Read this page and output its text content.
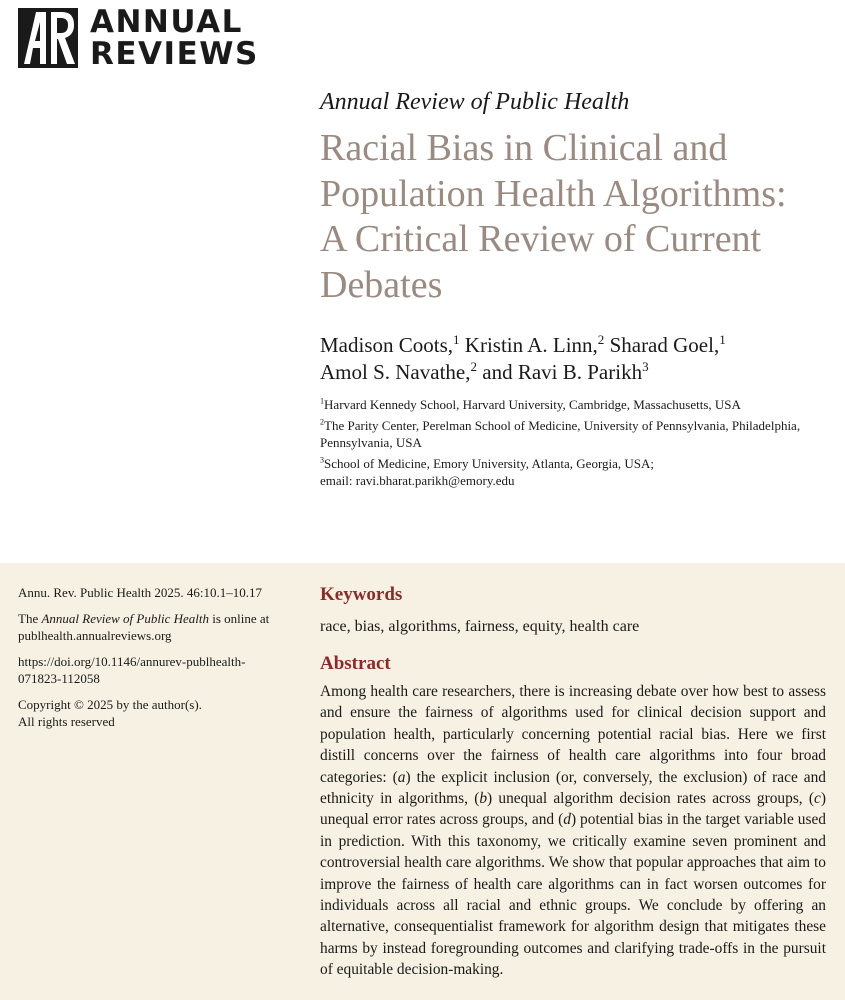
ANNUAL
REVIEWS
Annual Review of Public Health
Racial Bias in Clinical and
Population Health Algorithms:
A Critical Review of Current
Debates
Madison Coots,$^1$ Kristin A. Linn,$^2$ Sharad Goel,$^1$
Amol S. Navathe,$^2$ and Ravi B. Parikh$^3$
$^1$Harvard Kennedy School, Harvard University, Cambridge, Massachusetts, USA
$^2$The Parity Center, Perelman School of Medicine, University of Pennsylvania, Philadelphia, Pennsylvania, USA
$^3$School of Medicine, Emory University, Atlanta, Georgia, USA;
email: ravi.bharat.parikh@emory.edu

Annu. Rev. Public Health 2025. 46:10.1–10.17

The Annual Review of Public Health is online at
publhealth.annualreviews.org

https://doi.org/10.1146/annurev-publhealth-
071823-112058

Copyright © 2025 by the author(s).
All rights reserved

Keywords
race, bias, algorithms, fairness, equity, health care
Abstract
Among health care researchers, there is increasing debate over how best to assess and ensure the fairness of algorithms used for clinical decision support and population health, particularly concerning potential racial bias. Here we first distill concerns over the fairness of health care algorithms into four broad categories: (a) the explicit inclusion (or, conversely, the exclusion) of race and ethnicity in algorithms, (b) unequal algorithm decision rates across groups, (c) unequal error rates across groups, and (d) potential bias in the target variable used in prediction. With this taxonomy, we critically examine seven prominent and controversial health care algorithms. We show that popular approaches that aim to improve the fairness of health care algorithms can in fact worsen outcomes for individuals across all racial and ethnic groups. We conclude by offering an alternative, consequentialist framework for algorithm design that mitigates these harms by instead foregrounding outcomes and clarifying trade-offs in the pursuit of equitable decision-making.
